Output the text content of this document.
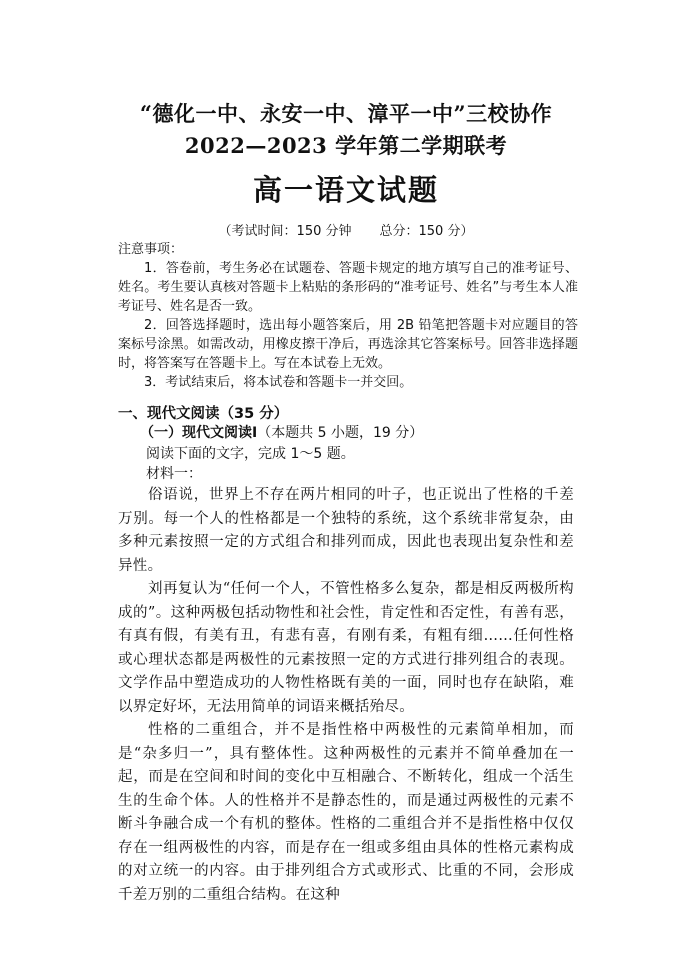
“德化一中、永安一中、漳平一中”三校协作
2022—2023 学年第二学期联考
高一语文试题
（考试时间：150 分钟 总分：150 分）

注意事项：

1．答卷前，考生务必在试题卷、答题卡规定的地方填写自己的准考证号、姓名。考生要认真核对答题卡上粘贴的条形码的“准考证号、姓名”与考生本人准考证号、姓名是否一致。

2．回答选择题时，选出每小题答案后，用 2B 铅笔把答题卡对应题目的答案标号涂黑。如需改动，用橡皮擦干净后，再选涂其它答案标号。回答非选择题时，将答案写在答题卡上。写在本试卷上无效。

3．考试结束后，将本试卷和答题卡一并交回。

一、现代文阅读（35 分）
（一）现代文阅读Ⅰ（本题共 5 小题，19 分）
阅读下面的文字，完成 1～5 题。
材料一：

俗语说，世界上不存在两片相同的叶子，也正说出了性格的千差万别。每一个人的性格都是一个独特的系统，这个系统非常复杂，由多种元素按照一定的方式组合和排列而成，因此也表现出复杂性和差异性。

刘再复认为“任何一个人，不管性格多么复杂，都是相反两极所构成的”。这种两极包括动物性和社会性，肯定性和否定性，有善有恶，有真有假，有美有丑，有悲有喜，有刚有柔，有粗有细……任何性格或心理状态都是两极性的元素按照一定的方式进行排列组合的表现。文学作品中塑造成功的人物性格既有美的一面，同时也存在缺陷，难以界定好坏，无法用简单的词语来概括殆尽。

性格的二重组合，并不是指性格中两极性的元素简单相加，而是“杂多归一”，具有整体性。这种两极性的元素并不简单叠加在一起，而是在空间和时间的变化中互相融合、不断转化，组成一个活生生的生命个体。人的性格并不是静态性的，而是通过两极性的元素不断斗争融合成一个有机的整体。性格的二重组合并不是指性格中仅仅存在一组两极性的内容，而是存在一组或多组由具体的性格元素构成的对立统一的内容。由于排列组合方式或形式、比重的不同，会形成千差万别的二重组合结构。在这种
